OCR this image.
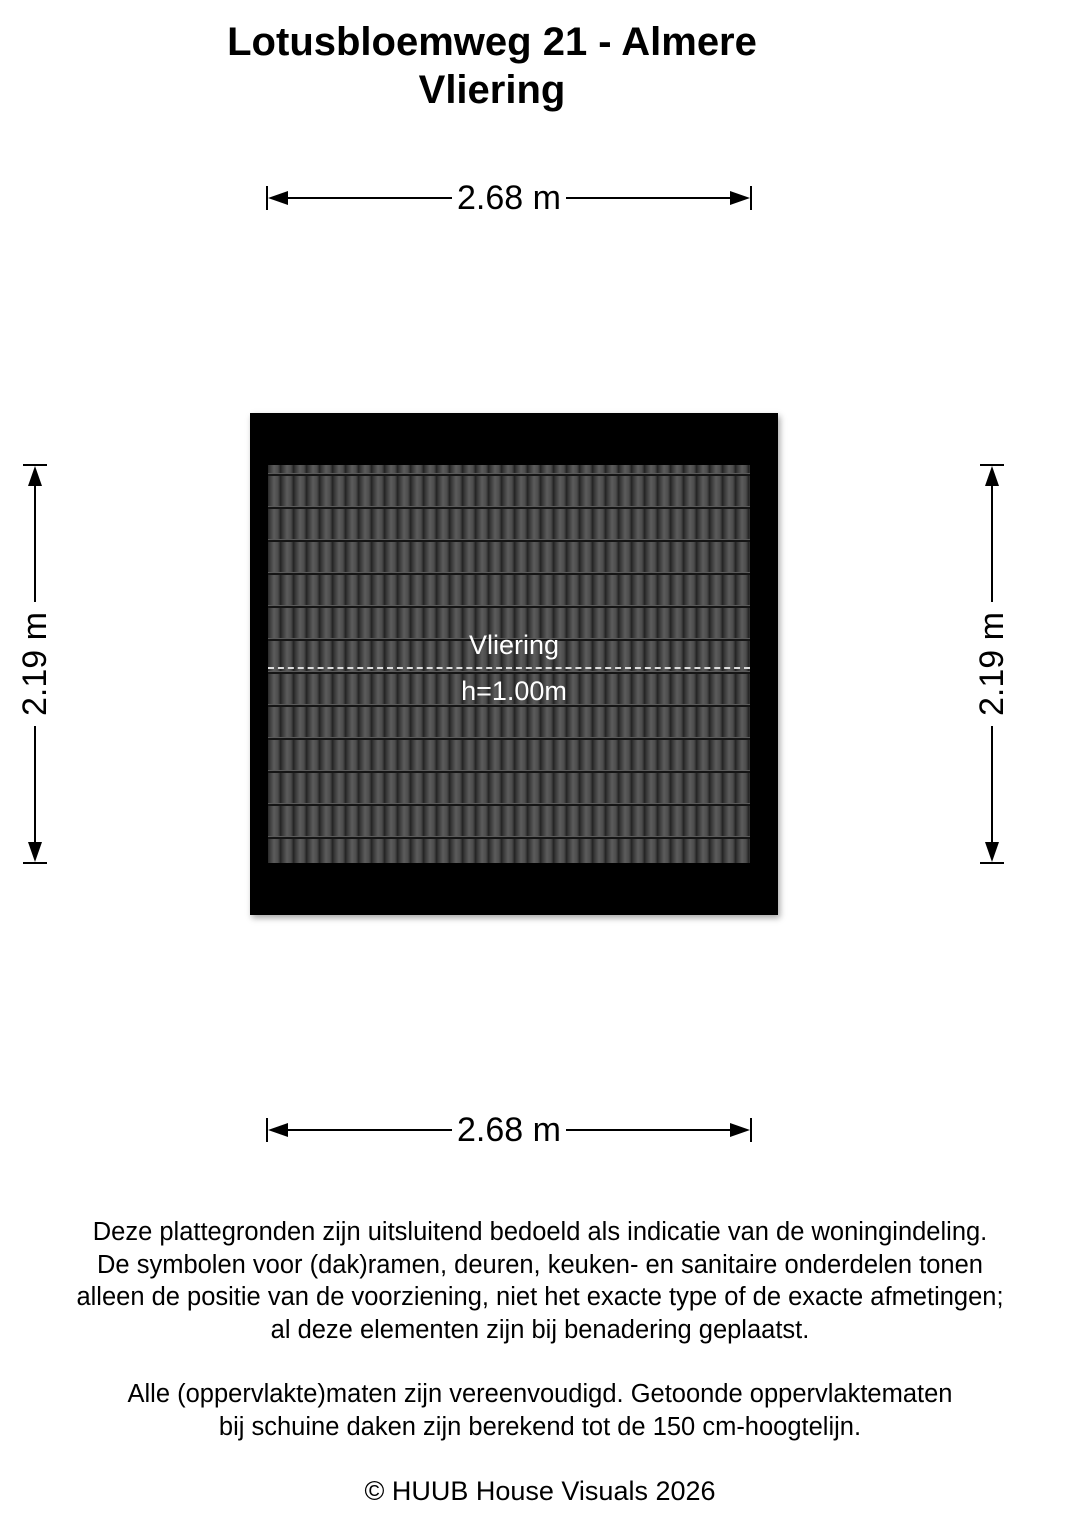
Lotusbloemweg 21 - Almere
Vliering
2.68 m
2.19 m	2.19 m
Vliering
h=1.00m
2.68 m
Deze plattegronden zijn uitsluitend bedoeld als indicatie van de woningindeling.
De symbolen voor (dak)ramen, deuren, keuken- en sanitaire onderdelen tonen
alleen de positie van de voorziening, niet het exacte type of de exacte afmetingen;
al deze elementen zijn bij benadering geplaatst.
Alle (oppervlakte)maten zijn vereenvoudigd. Getoonde oppervlaktematen
bij schuine daken zijn berekend tot de 150 cm-hoogtelijn.
© HUUB House Visuals 2026
